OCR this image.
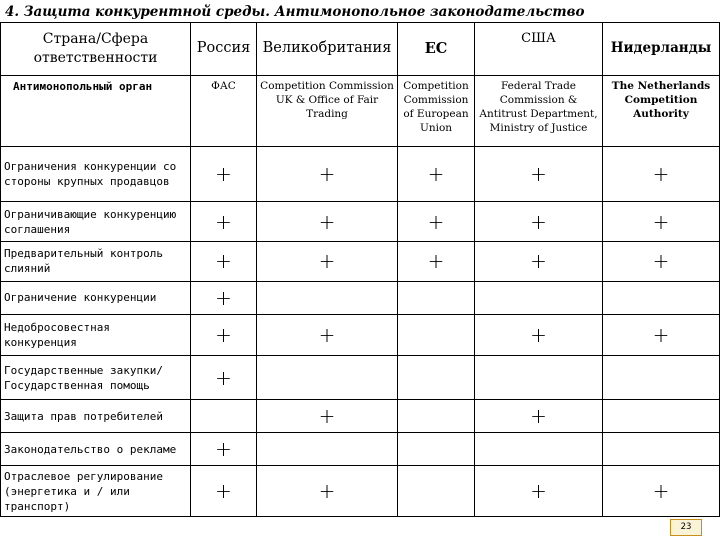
4. Защита конкурентной среды. Антимонопольное законодательство
Страна/Сфера ответственности	Россия	Великобритания	ЕС	США	Нидерланды
Антимонопольный орган	ФАС	Competition Commission UK & Office of Fair Trading	Competition Commission of European Union	Federal Trade Commission & Antitrust Department, Ministry of Justice	The Netherlands Competition Authority
Ограничения конкуренции со стороны крупных продавцов	+	+	+	+	+
Ограничивающие конкуренцию соглашения	+	+	+	+	+
Предварительный контроль слияний	+	+	+	+	+
Ограничение конкуренции	+				
Недобросовестная конкуренция	+	+		+	+
Государственные закупки/ Государственная помощь	+				
Защита прав потребителей		+		+	
Законодательство о рекламе	+				
Отраслевое регулирование (энергетика и / или транспорт)	+	+		+	+
23
